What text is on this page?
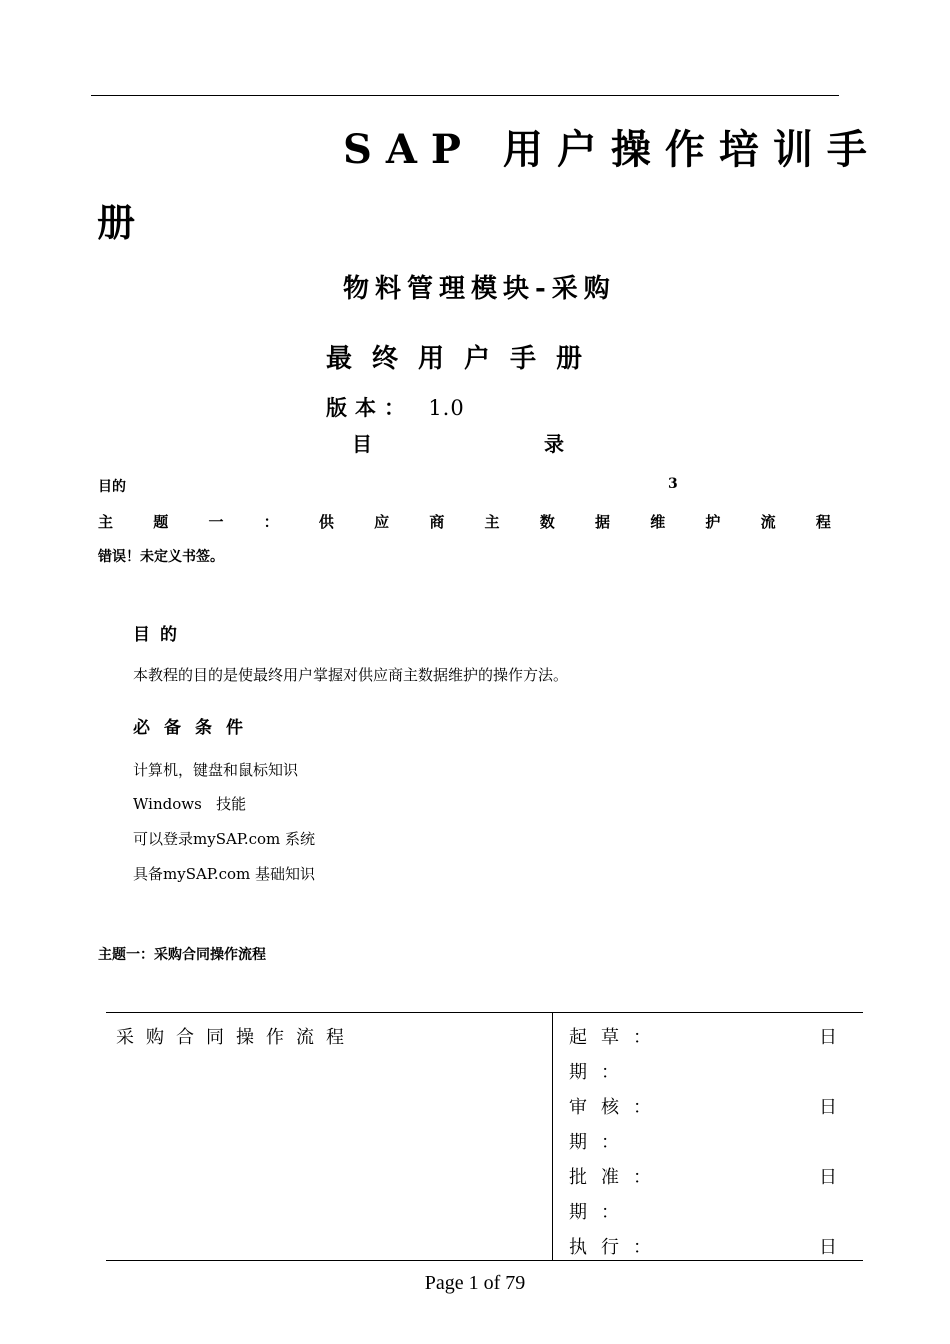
SAP 用户操作培训手
册
物料管理模块-采购
最终用户手册
版本： 1.0
目	录
目的	3
主	题	一	：	供	应	商	主	数	据	维	护	流	程
错误！未定义书签。
目的
本教程的目的是使最终用户掌握对供应商主数据维护的操作方法。
必备条件
计算机，键盘和鼠标知识
Windows   技能
可以登录mySAP.com 系统
具备mySAP.com 基础知识
主题一：采购合同操作流程
采购合同操作流程	起草：	日
期：
审核：	日
期：
批准：	日
期：
执行：	日
Page 1 of 79
